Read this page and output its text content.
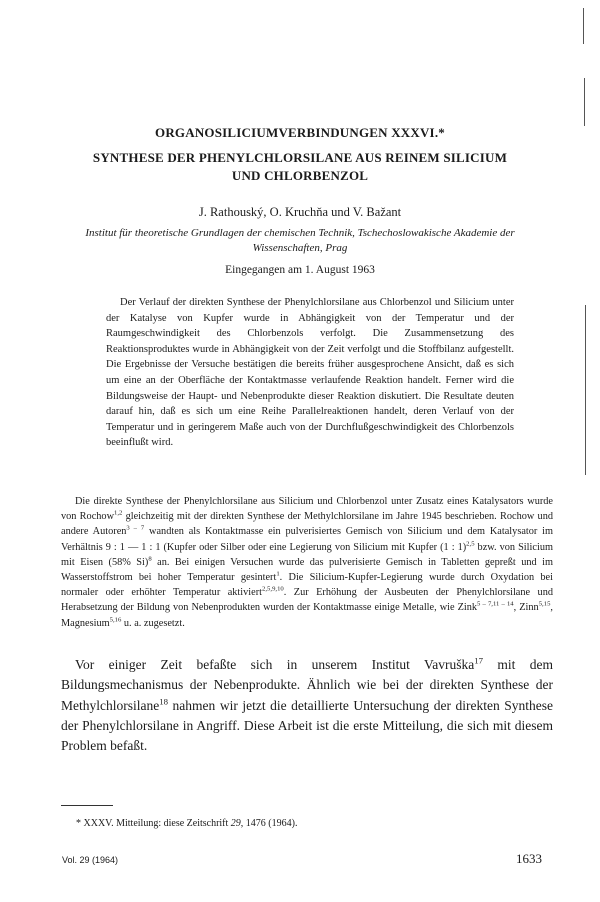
ORGANOSILICIUMVERBINDUNGEN XXXVI.*

SYNTHESE DER PHENYLCHLORSILANE AUS REINEM SILICIUM

UND CHLORBENZOL

J. Rathouský, O. Kruchňa und V. Bažant

Institut für theoretische Grundlagen der chemischen Technik, Tschechoslowakische Akademie der Wissenschaften, Prag

Eingegangen am 1. August 1963

Der Verlauf der direkten Synthese der Phenylchlorsilane aus Chlorbenzol und Silicium unter der Katalyse von Kupfer wurde in Abhängigkeit von der Temperatur und der Raumgeschwindigkeit des Chlorbenzols verfolgt. Die Zusammensetzung des Reaktionsproduktes wurde in Abhängigkeit von der Zeit verfolgt und die Stoffbilanz aufgestellt. Die Ergebnisse der Versuche bestätigen die bereits früher ausgesprochene Ansicht, daß es sich um eine an der Oberfläche der Kontaktmasse verlaufende Reaktion handelt. Ferner wird die Bildungsweise der Haupt- und Nebenprodukte dieser Reaktion diskutiert. Die Resultate deuten darauf hin, daß es sich um eine Reihe Parallelreaktionen handelt, deren Verlauf von der Temperatur und in geringerem Maße auch von der Durchflußgeschwindigkeit des Chlorbenzols beeinflußt wird.

Die direkte Synthese der Phenylchlorsilane aus Silicium und Chlorbenzol unter Zusatz eines Katalysators wurde von Rochow$^{1,2}$ gleichzeitig mit der direkten Synthese der Methylchlorsilane im Jahre 1945 beschrieben. Rochow und andere Autoren$^{3 - 7}$ wandten als Kontaktmasse ein pulverisiertes Gemisch von Silicium und dem Katalysator im Verhältnis 9 : 1 — 1 : 1 (Kupfer oder Silber oder eine Legierung von Silicium mit Kupfer (1 : 1)$^{2,5}$ bzw. von Silicium mit Eisen (58% Si)$^8$ an. Bei einigen Versuchen wurde das pulverisierte Gemisch in Tabletten gepreßt und im Wasserstoffstrom bei hoher Temperatur gesintert$^1$. Die Silicium-Kupfer-Legierung wurde durch Oxydation bei normaler oder erhöhter Temperatur aktiviert$^{2,5,9,10}$. Zur Erhöhung der Ausbeuten der Phenylchlorsilane und Herabsetzung der Bildung von Nebenprodukten wurden der Kontaktmasse einige Metalle, wie Zink$^{5 - 7,11 - 14}$, Zinn$^{5,15}$, Magnesium$^{5,16}$ u. a. zugesetzt.

Vor einiger Zeit befaßte sich in unserem Institut Vavruška$^{17}$ mit dem Bildungsmechanismus der Nebenprodukte. Ähnlich wie bei der direkten Synthese der Methylchlorsilane$^{18}$ nahmen wir jetzt die detaillierte Untersuchung der direkten Synthese der Phenylchlorsilane in Angriff. Diese Arbeit ist die erste Mitteilung, die sich mit diesem Problem befaßt.

* XXXV. Mitteilung: diese Zeitschrift 29, 1476 (1964).

Vol. 29 (1964)	1633
